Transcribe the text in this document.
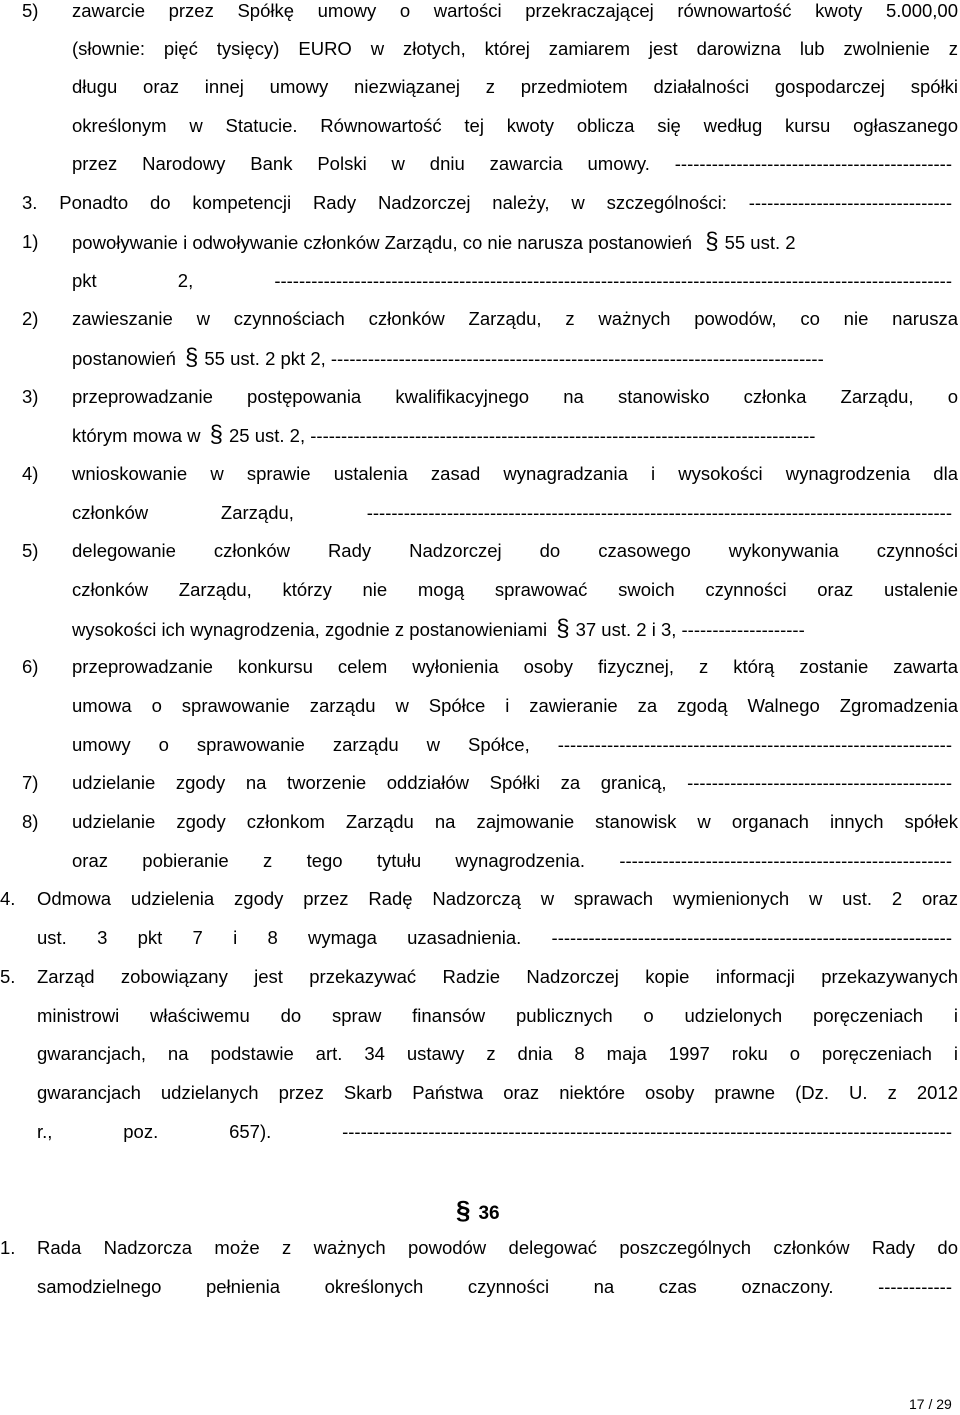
5) zawarcie przez Spółkę umowy o wartości przekraczającej równowartość kwoty 5.000,00
(słownie: pięć tysięcy) EURO w złotych, której zamiarem jest darowizna lub zwolnienie z
długu oraz innej umowy niezwiązanej z przedmiotem działalności gospodarczej spółki
określonym w Statucie. Równowartość tej kwoty oblicza się według kursu ogłaszanego
przez Narodowy Bank Polski w dniu zawarcia umowy. ---------------------------------------------
3. Ponadto do kompetencji Rady Nadzorczej należy, w szczególności: ---------------------------------
1) powoływanie i odwoływanie członków Zarządu, co nie narusza postanowień § 55 ust. 2
pkt 2, --------------------------------------------------------------------------------------------------------------
2) zawieszanie w czynnościach członków Zarządu, z ważnych powodów, co nie narusza
postanowień § 55 ust. 2 pkt 2, --------------------------------------------------------------------------------
3) przeprowadzanie postępowania kwalifikacyjnego na stanowisko członka Zarządu, o
którym mowa w § 25 ust. 2, ----------------------------------------------------------------------------------
4) wnioskowanie w sprawie ustalenia zasad wynagradzania i wysokości wynagrodzenia dla
członków Zarządu, -----------------------------------------------------------------------------------------------
5) delegowanie członków Rady Nadzorczej do czasowego wykonywania czynności
członków Zarządu, którzy nie mogą sprawować swoich czynności oraz ustalenie
wysokości ich wynagrodzenia, zgodnie z postanowieniami § 37 ust. 2 i 3, --------------------
6) przeprowadzanie konkursu celem wyłonienia osoby fizycznej, z którą zostanie zawarta
umowa o sprawowanie zarządu w Spółce i zawieranie za zgodą Walnego Zgromadzenia
umowy o sprawowanie zarządu w Spółce, ----------------------------------------------------------------
7) udzielanie zgody na tworzenie oddziałów Spółki za granicą, -------------------------------------------
8) udzielanie zgody członkom Zarządu na zajmowanie stanowisk w organach innych spółek
oraz pobieranie z tego tytułu wynagrodzenia. ------------------------------------------------------
4. Odmowa udzielenia zgody przez Radę Nadzorczą w sprawach wymienionych w ust. 2 oraz
ust. 3 pkt 7 i 8 wymaga uzasadnienia. -----------------------------------------------------------------
5. Zarząd zobowiązany jest przekazywać Radzie Nadzorczej kopie informacji przekazywanych
ministrowi właściwemu do spraw finansów publicznych o udzielonych poręczeniach i
gwarancjach, na podstawie art. 34 ustawy z dnia 8 maja 1997 roku o poręczeniach i
gwarancjach udzielanych przez Skarb Państwa oraz niektóre osoby prawne (Dz. U. z 2012
r., poz. 657). ---------------------------------------------------------------------------------------------------
§ 36
1. Rada Nadzorcza może z ważnych powodów delegować poszczególnych członków Rady do
samodzielnego pełnienia określonych czynności na czas oznaczony. ------------
17 / 29
